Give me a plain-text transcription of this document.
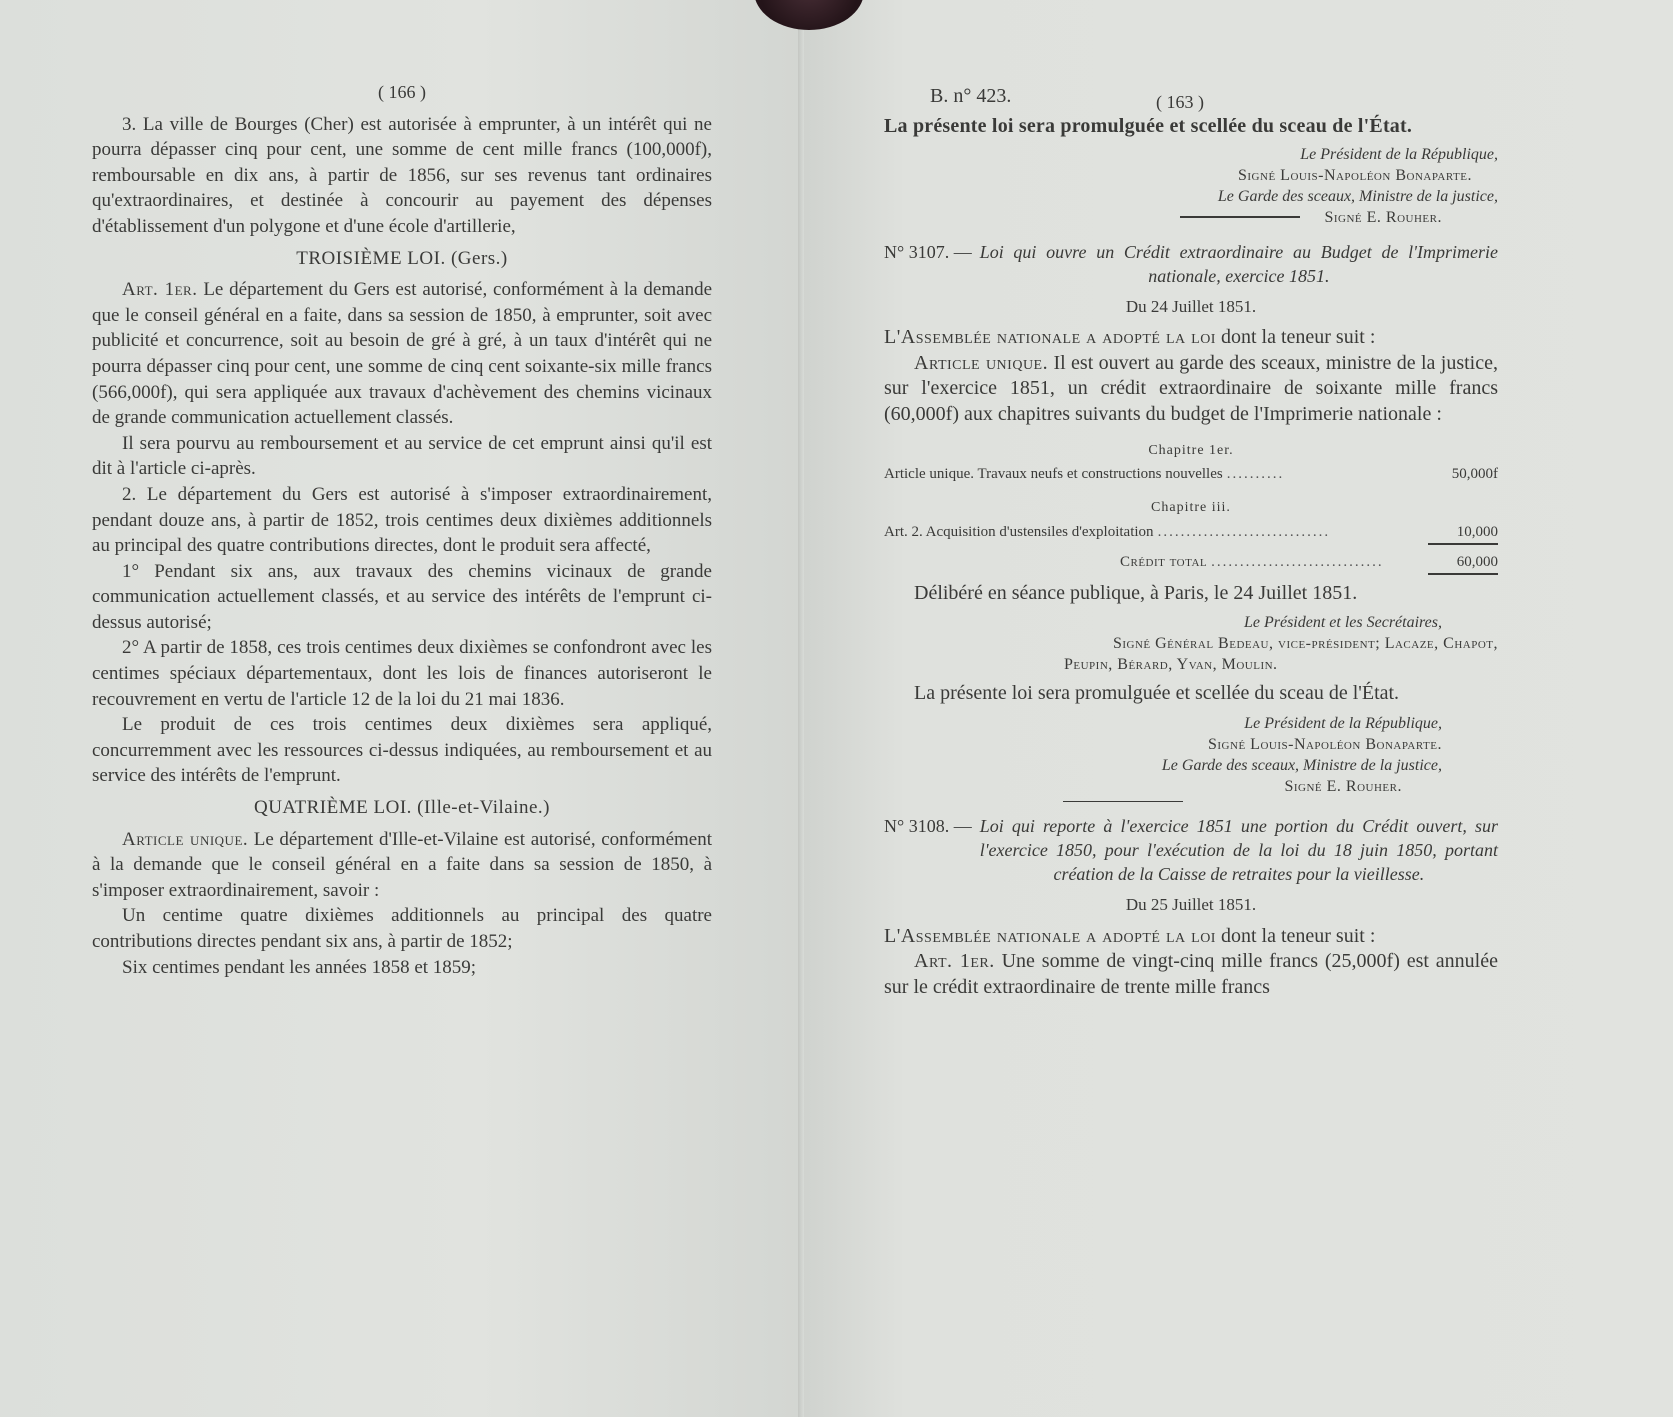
( 166 )

3. La ville de Bourges (Cher) est autorisée à emprunter, à un intérêt qui ne pourra dépasser cinq pour cent, une somme de cent mille francs (100,000f), remboursable en dix ans, à partir de 1856, sur ses revenus tant ordinaires qu'extraordinaires, et destinée à concourir au payement des dépenses d'établissement d'un polygone et d'une école d'artillerie,

TROISIÈME LOI. (Gers.)

Art. 1er. Le département du Gers est autorisé, conformément à la demande que le conseil général en a faite, dans sa session de 1850, à emprunter, soit avec publicité et concurrence, soit au besoin de gré à gré, à un taux d'intérêt qui ne pourra dépasser cinq pour cent, une somme de cinq cent soixante-six mille francs (566,000f), qui sera appliquée aux travaux d'achèvement des chemins vicinaux de grande communication actuellement classés.

Il sera pourvu au remboursement et au service de cet emprunt ainsi qu'il est dit à l'article ci-après.

2. Le département du Gers est autorisé à s'imposer extraordinairement, pendant douze ans, à partir de 1852, trois centimes deux dixièmes additionnels au principal des quatre contributions directes, dont le produit sera affecté,

1° Pendant six ans, aux travaux des chemins vicinaux de grande communication actuellement classés, et au service des intérêts de l'emprunt ci-dessus autorisé;

2° A partir de 1858, ces trois centimes deux dixièmes se confondront avec les centimes spéciaux départementaux, dont les lois de finances autoriseront le recouvrement en vertu de l'article 12 de la loi du 21 mai 1836.

Le produit de ces trois centimes deux dixièmes sera appliqué, concurremment avec les ressources ci-dessus indiquées, au remboursement et au service des intérêts de l'emprunt.

QUATRIÈME LOI. (Ille-et-Vilaine.)

Article unique. Le département d'Ille-et-Vilaine est autorisé, conformément à la demande que le conseil général en a faite dans sa session de 1850, à s'imposer extraordinairement, savoir :

Un centime quatre dixièmes additionnels au principal des quatre contributions directes pendant six ans, à partir de 1852;

Six centimes pendant les années 1858 et 1859;

B. n° 423.	( 163 )

La présente loi sera promulguée et scellée du sceau de l'État.

Le Président de la République,
Signé Louis-Napoléon Bonaparte.
Le Garde des sceaux, Ministre de la justice,
Signé E. Rouher.
N° 3107. — Loi qui ouvre un Crédit extraordinaire au Budget de l'Imprimerie nationale, exercice 1851.
Du 24 Juillet 1851.

L'Assemblée nationale a adopté la loi dont la teneur suit :

Article unique. Il est ouvert au garde des sceaux, ministre de la justice, sur l'exercice 1851, un crédit extraordinaire de soixante mille francs (60,000f) aux chapitres suivants du budget de l'Imprimerie nationale :

Chapitre 1er.
Article unique. Travaux neufs et constructions nouvelles ..........	50,000f
Chapitre iii.
Art. 2. Acquisition d'ustensiles d'exploitation ..............................	10,000
Crédit total ..............................	60,000

Délibéré en séance publique, à Paris, le 24 Juillet 1851.

Le Président et les Secrétaires,
Signé Général Bedeau, vice-président; Lacaze, Chapot,
Peupin, Bérard, Yvan, Moulin.

La présente loi sera promulguée et scellée du sceau de l'État.

Le Président de la République,
Signé Louis-Napoléon Bonaparte.
Le Garde des sceaux, Ministre de la justice,
Signé E. Rouher.
N° 3108. — Loi qui reporte à l'exercice 1851 une portion du Crédit ouvert, sur l'exercice 1850, pour l'exécution de la loi du 18 juin 1850, portant création de la Caisse de retraites pour la vieillesse.
Du 25 Juillet 1851.

L'Assemblée nationale a adopté la loi dont la teneur suit :

Art. 1er. Une somme de vingt-cinq mille francs (25,000f) est annulée sur le crédit extraordinaire de trente mille francs
